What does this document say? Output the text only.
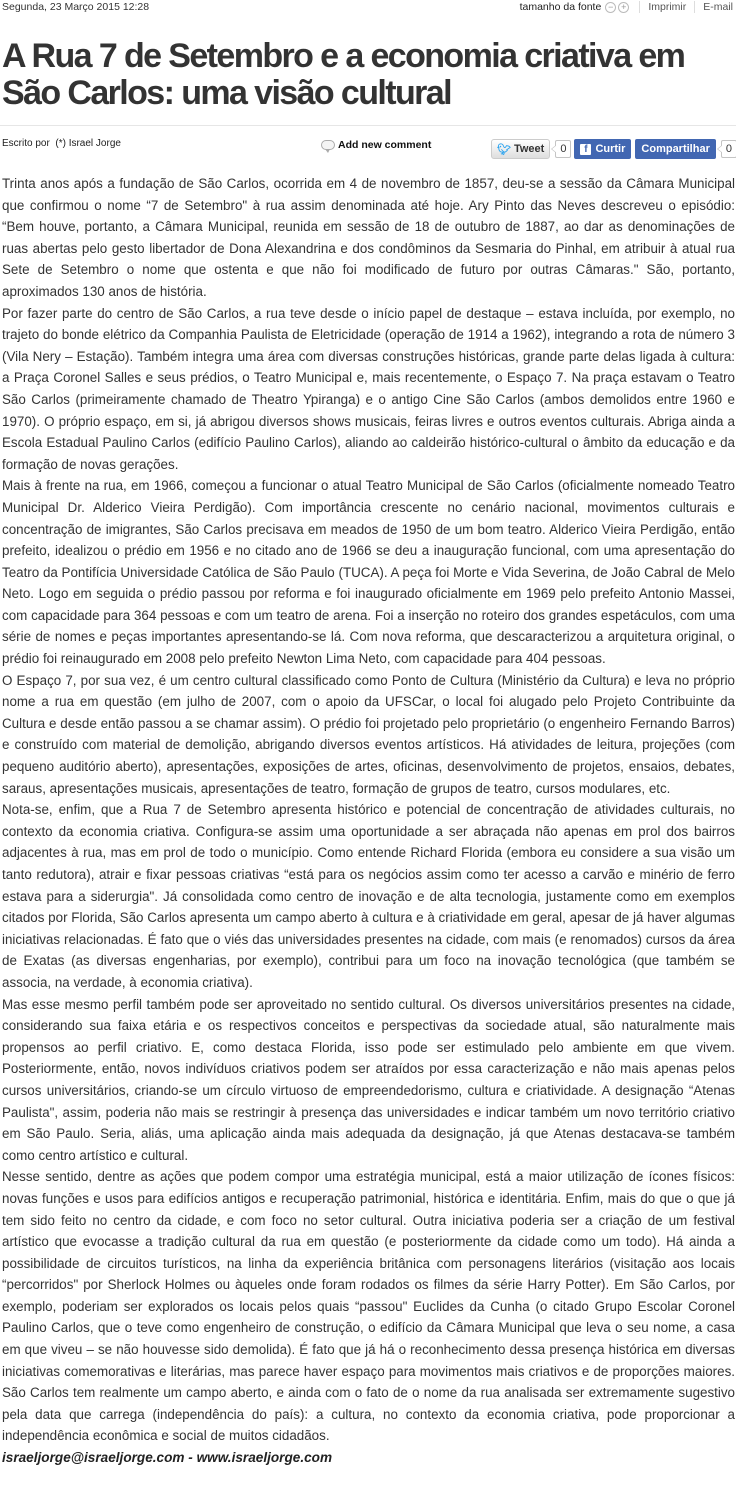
Segunda, 23 Março 2015 12:28	tamanho da fonte − + Imprimir E-mail
A Rua 7 de Setembro e a economia criativa em São Carlos: uma visão cultural
Escrito por (*) Israel Jorge	Add new comment	🐦︎ Tweet	0	f Curtir Compartilhar	0

Trinta anos após a fundação de São Carlos, ocorrida em 4 de novembro de 1857, deu-se a sessão da Câmara Municipal que confirmou o nome “7 de Setembro" à rua assim denominada até hoje. Ary Pinto das Neves descreveu o episódio: “Bem houve, portanto, a Câmara Municipal, reunida em sessão de 18 de outubro de 1887, ao dar as denominações de ruas abertas pelo gesto libertador de Dona Alexandrina e dos condôminos da Sesmaria do Pinhal, em atribuir à atual rua Sete de Setembro o nome que ostenta e que não foi modificado de futuro por outras Câmaras." São, portanto, aproximados 130 anos de história.

Por fazer parte do centro de São Carlos, a rua teve desde o início papel de destaque – estava incluída, por exemplo, no trajeto do bonde elétrico da Companhia Paulista de Eletricidade (operação de 1914 a 1962), integrando a rota de número 3 (Vila Nery – Estação). Também integra uma área com diversas construções históricas, grande parte delas ligada à cultura: a Praça Coronel Salles e seus prédios, o Teatro Municipal e, mais recentemente, o Espaço 7. Na praça estavam o Teatro São Carlos (primeiramente chamado de Theatro Ypiranga) e o antigo Cine São Carlos (ambos demolidos entre 1960 e 1970). O próprio espaço, em si, já abrigou diversos shows musicais, feiras livres e outros eventos culturais. Abriga ainda a Escola Estadual Paulino Carlos (edifício Paulino Carlos), aliando ao caldeirão histórico-cultural o âmbito da educação e da formação de novas gerações.

Mais à frente na rua, em 1966, começou a funcionar o atual Teatro Municipal de São Carlos (oficialmente nomeado Teatro Municipal Dr. Alderico Vieira Perdigão). Com importância crescente no cenário nacional, movimentos culturais e concentração de imigrantes, São Carlos precisava em meados de 1950 de um bom teatro. Alderico Vieira Perdigão, então prefeito, idealizou o prédio em 1956 e no citado ano de 1966 se deu a inauguração funcional, com uma apresentação do Teatro da Pontifícia Universidade Católica de São Paulo (TUCA). A peça foi Morte e Vida Severina, de João Cabral de Melo Neto. Logo em seguida o prédio passou por reforma e foi inaugurado oficialmente em 1969 pelo prefeito Antonio Massei, com capacidade para 364 pessoas e com um teatro de arena. Foi a inserção no roteiro dos grandes espetáculos, com uma série de nomes e peças importantes apresentando-se lá. Com nova reforma, que descaracterizou a arquitetura original, o prédio foi reinaugurado em 2008 pelo prefeito Newton Lima Neto, com capacidade para 404 pessoas.

O Espaço 7, por sua vez, é um centro cultural classificado como Ponto de Cultura (Ministério da Cultura) e leva no próprio nome a rua em questão (em julho de 2007, com o apoio da UFSCar, o local foi alugado pelo Projeto Contribuinte da Cultura e desde então passou a se chamar assim). O prédio foi projetado pelo proprietário (o engenheiro Fernando Barros) e construído com material de demolição, abrigando diversos eventos artísticos. Há atividades de leitura, projeções (com pequeno auditório aberto), apresentações, exposições de artes, oficinas, desenvolvimento de projetos, ensaios, debates, saraus, apresentações musicais, apresentações de teatro, formação de grupos de teatro, cursos modulares, etc.

Nota-se, enfim, que a Rua 7 de Setembro apresenta histórico e potencial de concentração de atividades culturais, no contexto da economia criativa. Configura-se assim uma oportunidade a ser abraçada não apenas em prol dos bairros adjacentes à rua, mas em prol de todo o município. Como entende Richard Florida (embora eu considere a sua visão um tanto redutora), atrair e fixar pessoas criativas “está para os negócios assim como ter acesso a carvão e minério de ferro estava para a siderurgia". Já consolidada como centro de inovação e de alta tecnologia, justamente como em exemplos citados por Florida, São Carlos apresenta um campo aberto à cultura e à criatividade em geral, apesar de já haver algumas iniciativas relacionadas. É fato que o viés das universidades presentes na cidade, com mais (e renomados) cursos da área de Exatas (as diversas engenharias, por exemplo), contribui para um foco na inovação tecnológica (que também se associa, na verdade, à economia criativa).

Mas esse mesmo perfil também pode ser aproveitado no sentido cultural. Os diversos universitários presentes na cidade, considerando sua faixa etária e os respectivos conceitos e perspectivas da sociedade atual, são naturalmente mais propensos ao perfil criativo. E, como destaca Florida, isso pode ser estimulado pelo ambiente em que vivem. Posteriormente, então, novos indivíduos criativos podem ser atraídos por essa caracterização e não mais apenas pelos cursos universitários, criando-se um círculo virtuoso de empreendedorismo, cultura e criatividade. A designação “Atenas Paulista", assim, poderia não mais se restringir à presença das universidades e indicar também um novo território criativo em São Paulo. Seria, aliás, uma aplicação ainda mais adequada da designação, já que Atenas destacava-se também como centro artístico e cultural.

Nesse sentido, dentre as ações que podem compor uma estratégia municipal, está a maior utilização de ícones físicos: novas funções e usos para edifícios antigos e recuperação patrimonial, histórica e identitária. Enfim, mais do que o que já tem sido feito no centro da cidade, e com foco no setor cultural. Outra iniciativa poderia ser a criação de um festival artístico que evocasse a tradição cultural da rua em questão (e posteriormente da cidade como um todo). Há ainda a possibilidade de circuitos turísticos, na linha da experiência britânica com personagens literários (visitação aos locais “percorridos" por Sherlock Holmes ou àqueles onde foram rodados os filmes da série Harry Potter). Em São Carlos, por exemplo, poderiam ser explorados os locais pelos quais “passou" Euclides da Cunha (o citado Grupo Escolar Coronel Paulino Carlos, que o teve como engenheiro de construção, o edifício da Câmara Municipal que leva o seu nome, a casa em que viveu – se não houvesse sido demolida). É fato que já há o reconhecimento dessa presença histórica em diversas iniciativas comemorativas e literárias, mas parece haver espaço para movimentos mais criativos e de proporções maiores. São Carlos tem realmente um campo aberto, e ainda com o fato de o nome da rua analisada ser extremamente sugestivo pela data que carrega (independência do país): a cultura, no contexto da economia criativa, pode proporcionar a independência econômica e social de muitos cidadãos.

israeljorge@israeljorge.com - www.israeljorge.com
